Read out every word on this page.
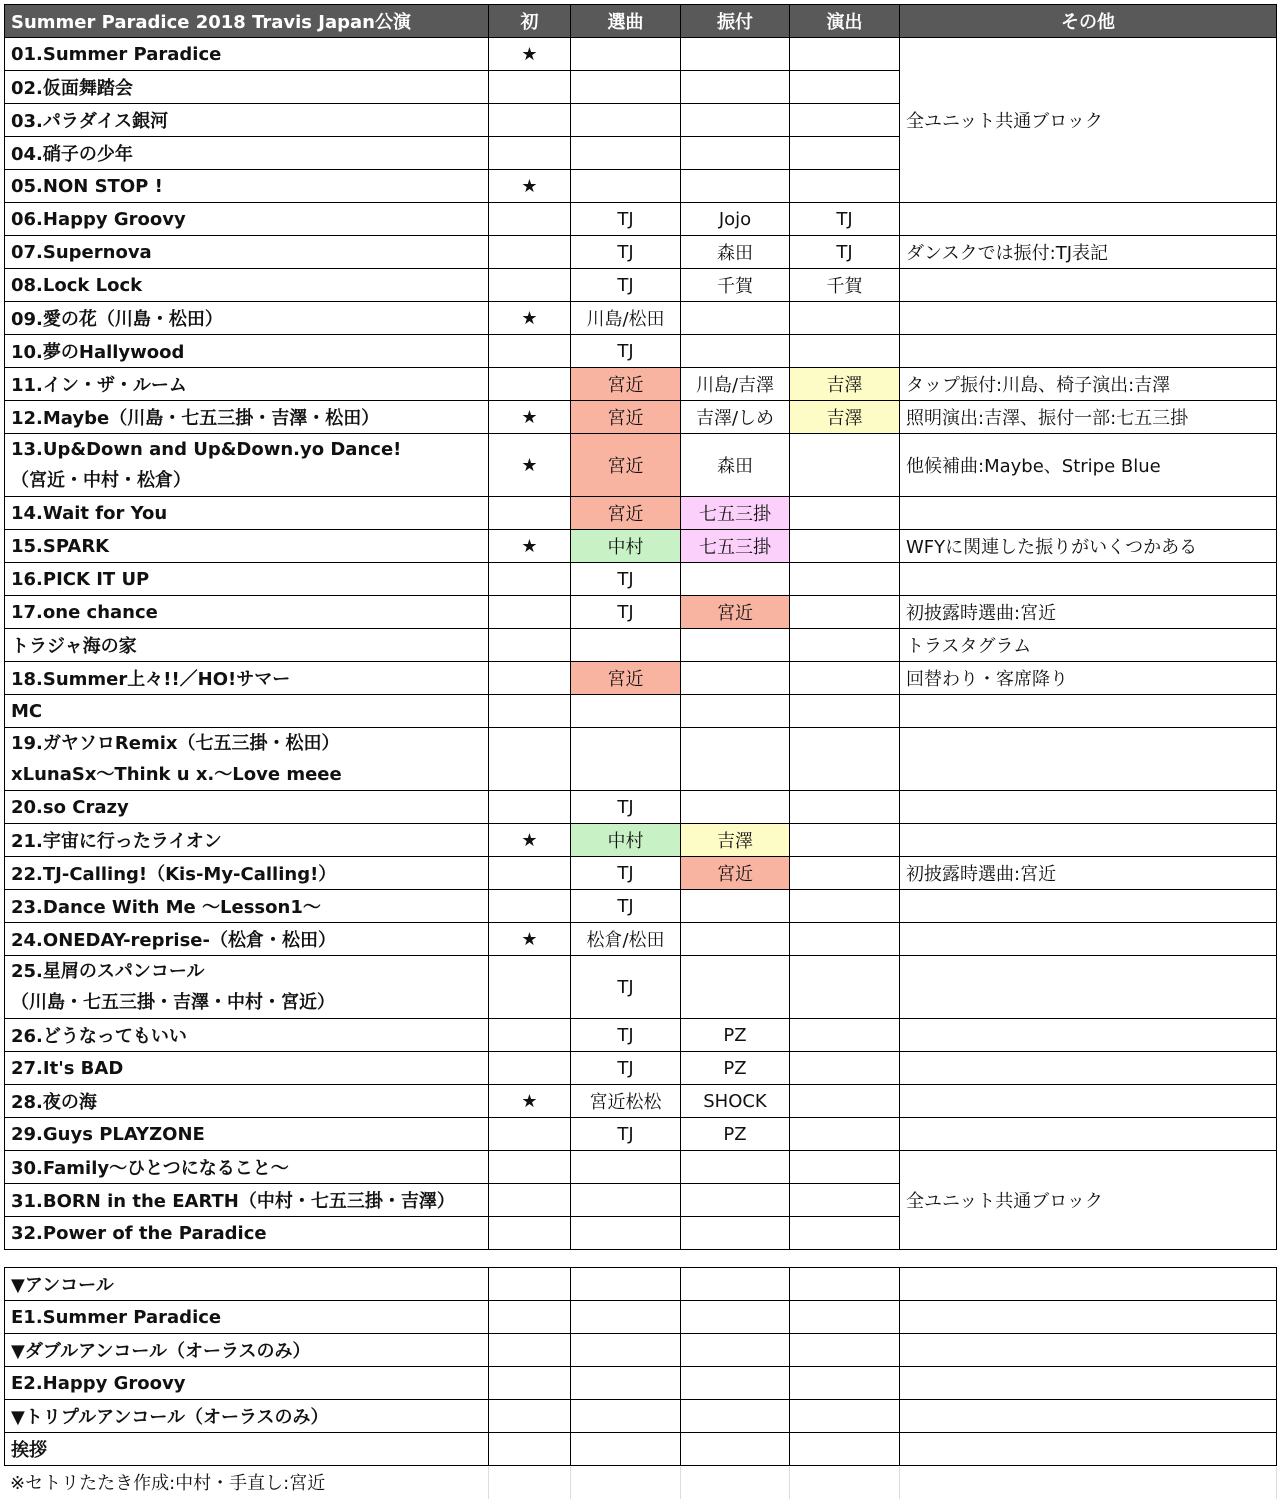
Summer Paradice 2018 Travis Japan公演	初	選曲	振付	演出	その他
01.Summer Paradice	★				全ユニット共通ブロック
02.仮面舞踏会					
03.パラダイス銀河					
04.硝子の少年					
05.NON STOP !	★				
06.Happy Groovy		TJ	Jojo	TJ	
07.Supernova		TJ	森田	TJ	ダンスクでは振付:TJ表記
08.Lock Lock		TJ	千賀	千賀	
09.愛の花（川島・松田）	★	川島/松田			
10.夢のHallywood		TJ			
11.イン・ザ・ルーム		宮近	川島/吉澤	吉澤	タップ振付:川島、椅子演出:吉澤
12.Maybe（川島・七五三掛・吉澤・松田）	★	宮近	吉澤/しめ	吉澤	照明演出:吉澤、振付一部:七五三掛
13.Up&Down and Up&Down.yo Dance!
（宮近・中村・松倉）	★	宮近	森田		他候補曲:Maybe、Stripe Blue
14.Wait for You		宮近	七五三掛		
15.SPARK	★	中村	七五三掛		WFYに関連した振りがいくつかある
16.PICK IT UP		TJ			
17.one chance		TJ	宮近		初披露時選曲:宮近
トラジャ海の家					トラスタグラム
18.Summer上々!!／HO!サマー		宮近			回替わり・客席降り
MC					
19.ガヤソロRemix（七五三掛・松田）
xLunaSx～Think u x.～Love meee					
20.so Crazy		TJ			
21.宇宙に行ったライオン	★	中村	吉澤		
22.TJ-Calling!（Kis-My-Calling!）		TJ	宮近		初披露時選曲:宮近
23.Dance With Me ～Lesson1～		TJ			
24.ONEDAY-reprise-（松倉・松田）	★	松倉/松田			
25.星屑のスパンコール
（川島・七五三掛・吉澤・中村・宮近）		TJ			
26.どうなってもいい		TJ	PZ		
27.It's BAD		TJ	PZ		
28.夜の海	★	宮近松松	SHOCK		
29.Guys PLAYZONE		TJ	PZ		
30.Family～ひとつになること～					全ユニット共通ブロック
31.BORN in the EARTH（中村・七五三掛・吉澤）					
32.Power of the Paradice					
▼アンコール					
E1.Summer Paradice					
▼ダブルアンコール（オーラスのみ）					
E2.Happy Groovy					
▼トリプルアンコール（オーラスのみ）					
挨拶					
※セトリたたき作成:中村・手直し:宮近
